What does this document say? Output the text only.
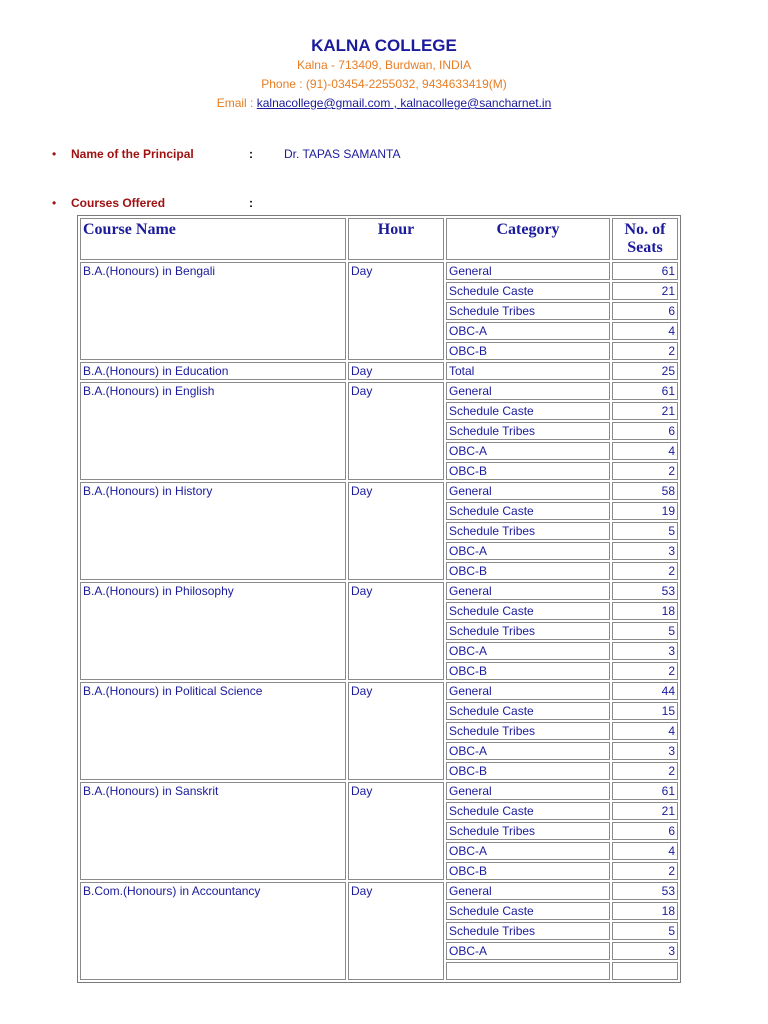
KALNA COLLEGE
Kalna - 713409, Burdwan, INDIA
Phone : (91)-03454-2255032, 9434633419(M)
Email : kalnacollege@gmail.com , kalnacollege@sancharnet.in
• Name of the Principal	:	Dr. TAPAS SAMANTA
• Courses Offered	:
Course Name	Hour	Category	No. of Seats
B.A.(Honours) in Bengali	Day	General	61
		Schedule Caste	21
		Schedule Tribes	6
		OBC-A	4
		OBC-B	2
B.A.(Honours) in Education	Day	Total	25
B.A.(Honours) in English	Day	General	61
		Schedule Caste	21
		Schedule Tribes	6
		OBC-A	4
		OBC-B	2
B.A.(Honours) in History	Day	General	58
		Schedule Caste	19
		Schedule Tribes	5
		OBC-A	3
		OBC-B	2
B.A.(Honours) in Philosophy	Day	General	53
		Schedule Caste	18
		Schedule Tribes	5
		OBC-A	3
		OBC-B	2
B.A.(Honours) in Political Science	Day	General	44
		Schedule Caste	15
		Schedule Tribes	4
		OBC-A	3
		OBC-B	2
B.A.(Honours) in Sanskrit	Day	General	61
		Schedule Caste	21
		Schedule Tribes	6
		OBC-A	4
		OBC-B	2
B.Com.(Honours) in Accountancy	Day	General	53
		Schedule Caste	18
		Schedule Tribes	5
		OBC-A	3
